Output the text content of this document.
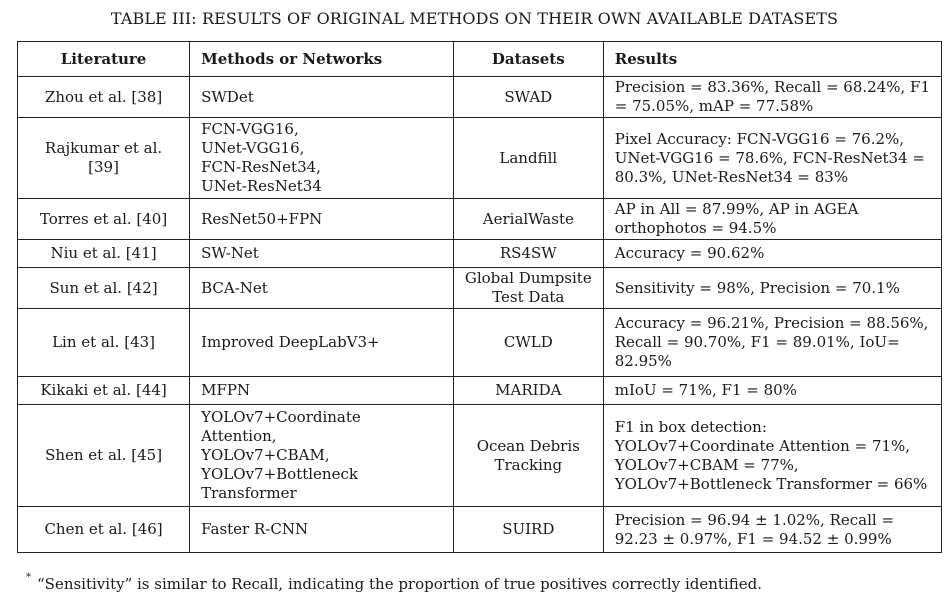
TABLE III: RESULTS OF ORIGINAL METHODS ON THEIR OWN AVAILABLE DATASETS
Literature	Methods or Networks	Datasets	Results

Zhou et al. [38]	SWDet	SWAD	Precision = 83.36%, Recall = 68.24%, F1
= 75.05%, mAP = 77.58%

Rajkumar et al.
[39]	FCN-VGG16,
UNet-VGG16,
FCN-ResNet34,
UNet-ResNet34	Landfill	Pixel Accuracy: FCN-VGG16 = 76.2%,
UNet-VGG16 = 78.6%, FCN-ResNet34 =
80.3%, UNet-ResNet34 = 83%

Torres et al. [40]	ResNet50+FPN	AerialWaste	AP in All = 87.99%, AP in AGEA
orthophotos = 94.5%

Niu et al. [41]	SW-Net	RS4SW	Accuracy = 90.62%

Sun et al. [42]	BCA-Net	Global Dumpsite
Test Data	Sensitivity = 98%, Precision = 70.1%

Lin et al. [43]	Improved DeepLabV3+	CWLD	Accuracy = 96.21%, Precision = 88.56%,
Recall = 90.70%, F1 = 89.01%, IoU=
82.95%

Kikaki et al. [44]	MFPN	MARIDA	mIoU = 71%, F1 = 80%

Shen et al. [45]	YOLOv7+Coordinate
Attention,
YOLOv7+CBAM,
YOLOv7+Bottleneck
Transformer	Ocean Debris
Tracking	F1 in box detection:
YOLOv7+Coordinate Attention = 71%,
YOLOv7+CBAM = 77%,
YOLOv7+Bottleneck Transformer = 66%

Chen et al. [46]	Faster R-CNN	SUIRD	Precision = 96.94 ± 1.02%, Recall =
92.23 ± 0.97%, F1 = 94.52 ± 0.99%
* “Sensitivity” is similar to Recall, indicating the proportion of true positives correctly identified.
